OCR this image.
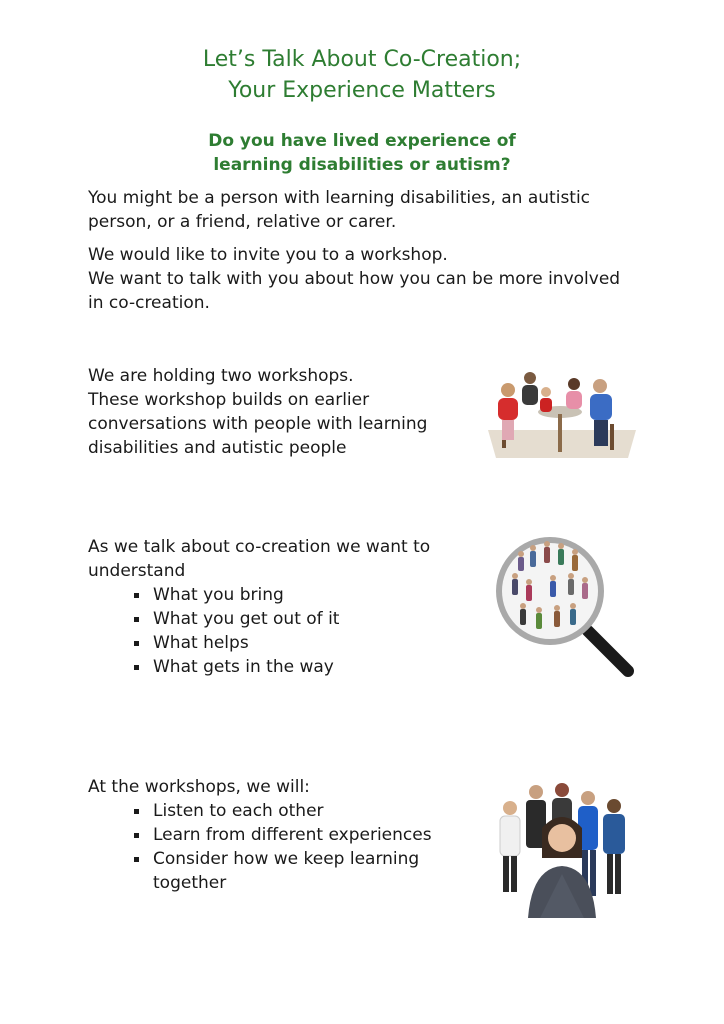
Let’s Talk About Co-Creation;
Your Experience Matters
Do you have lived experience of
learning disabilities or autism?

You might be a person with learning disabilities, an autistic
person, or a friend, relative or carer.

We would like to invite you to a workshop.
We want to talk with you about how you can be more involved
in co-creation.

We are holding two workshops.
These workshop builds on earlier
conversations with people with learning
disabilities and autistic people
As we talk about co-creation we want to
understand
What you bring
What you get out of it
What helps
What gets in the way
At the workshops, we will:
Listen to each other
Learn from different experiences
Consider how we keep learning
together
